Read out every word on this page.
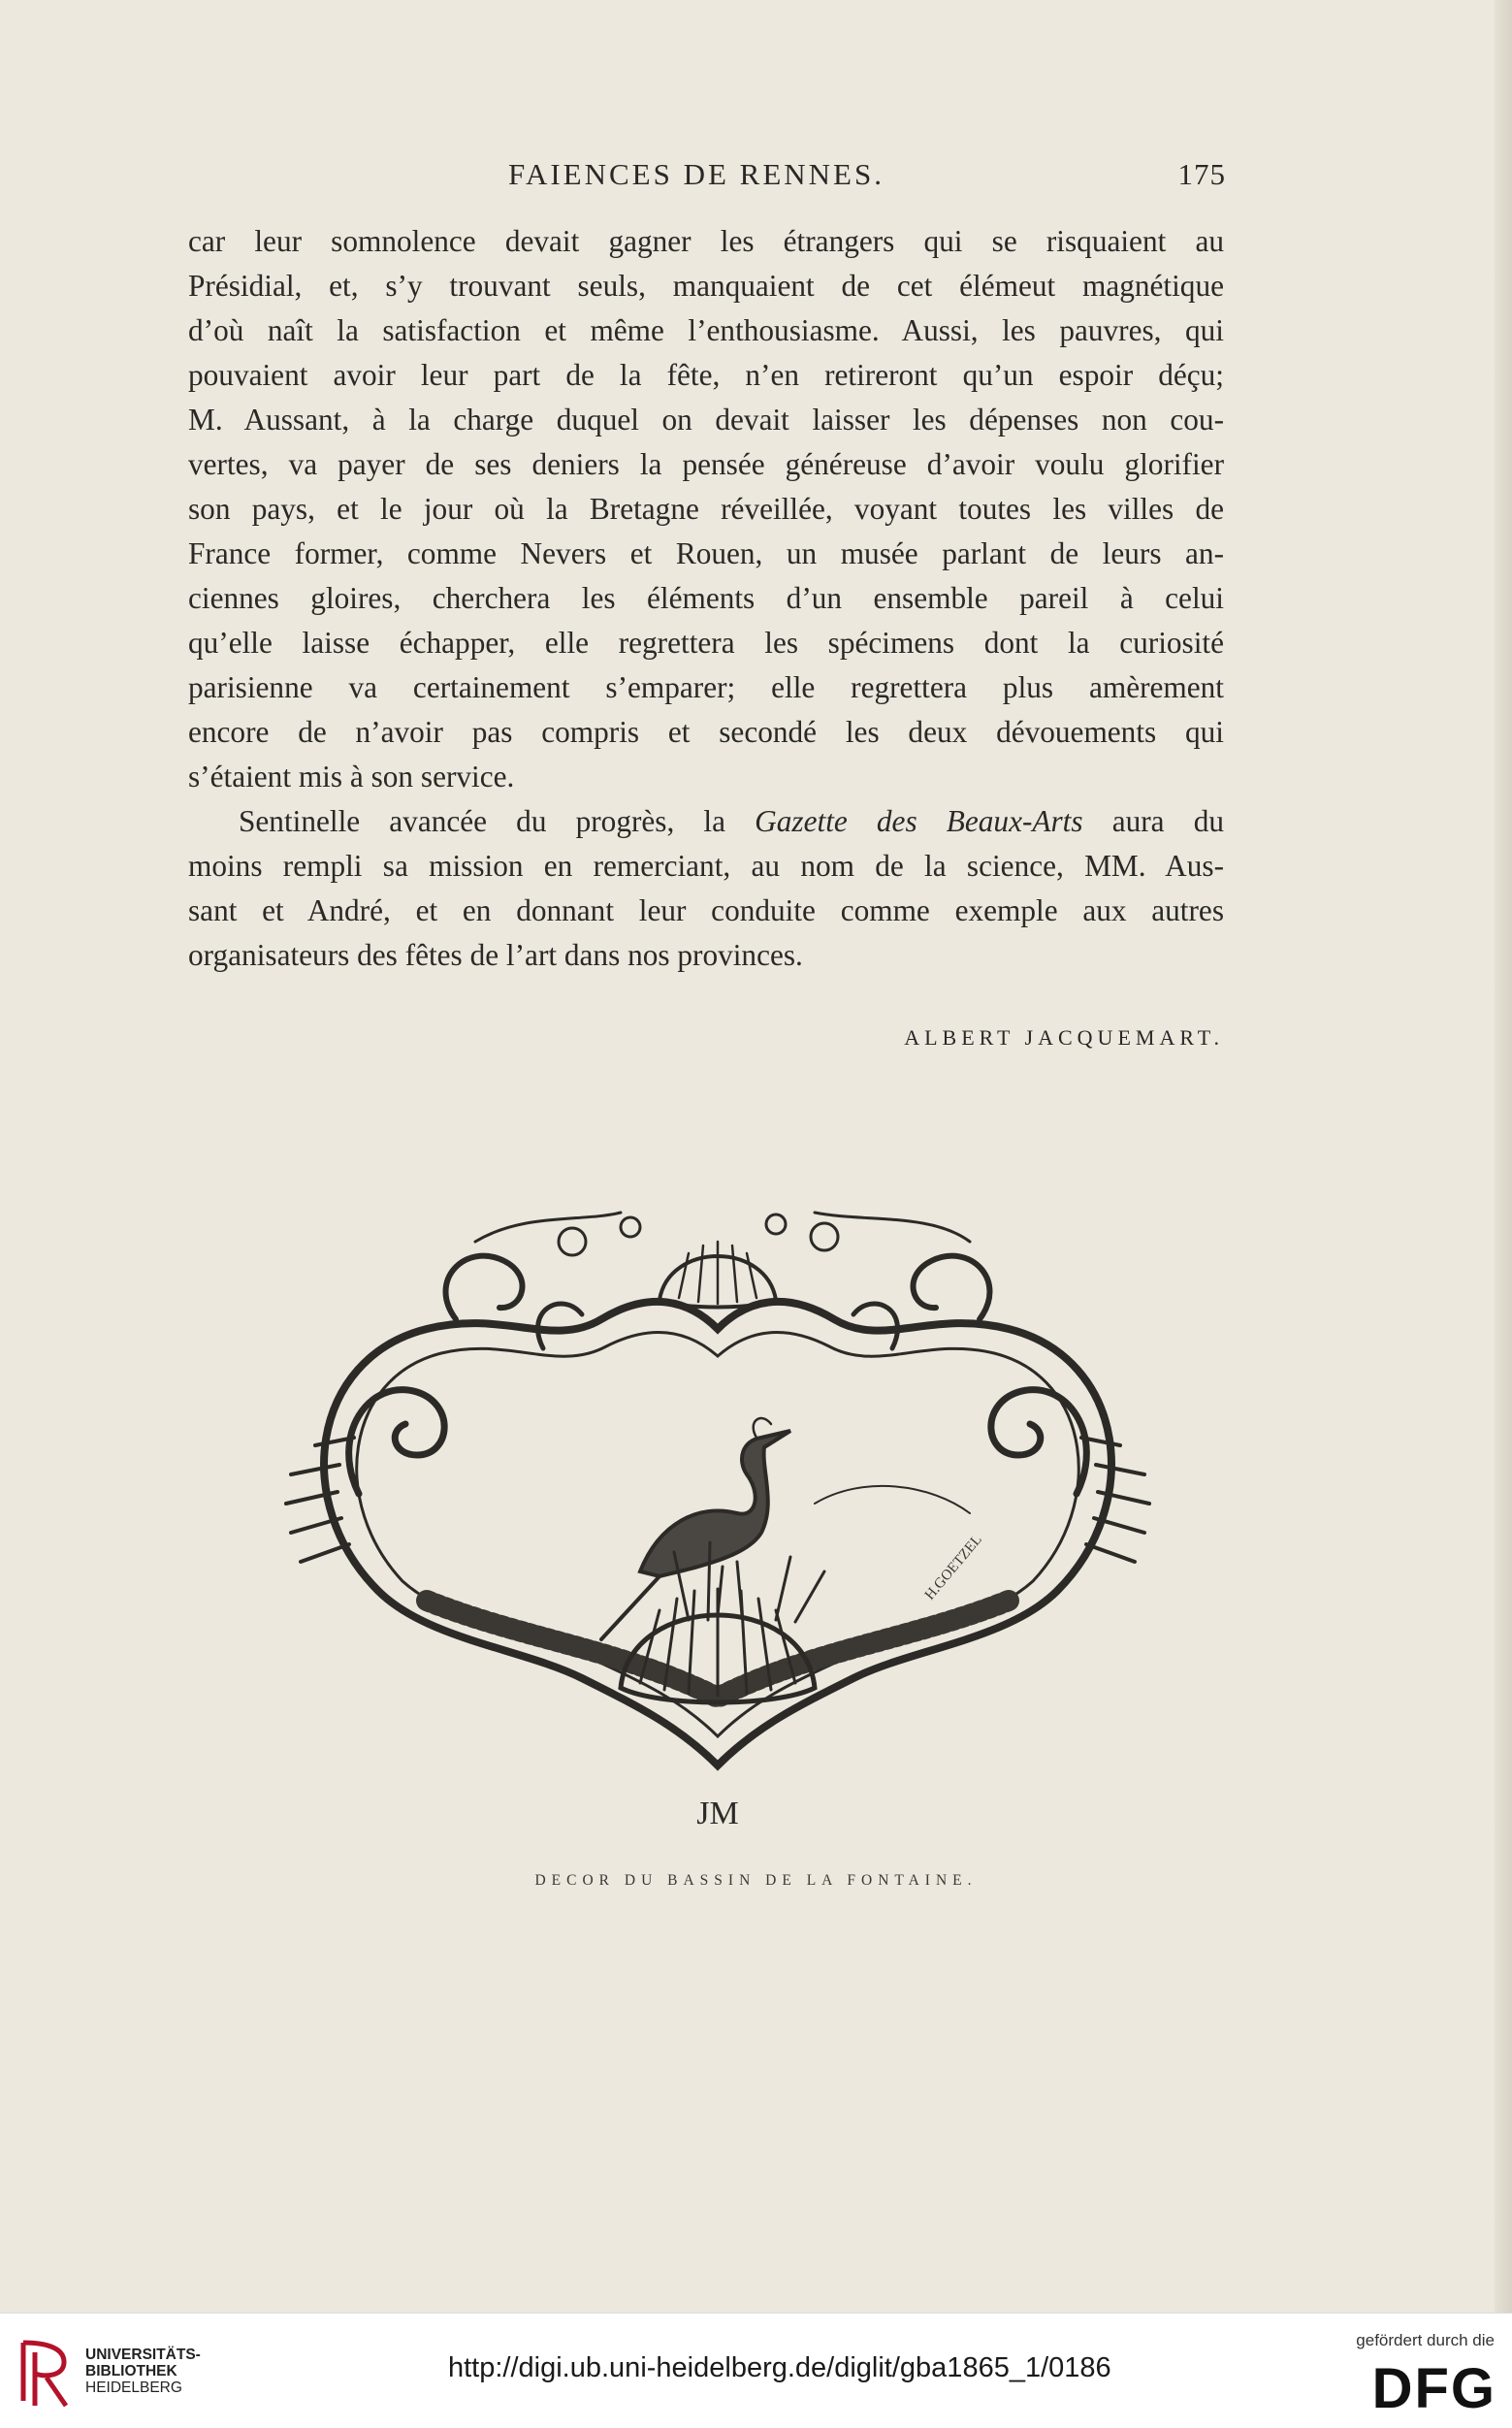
FAIENCES DE RENNES.	175
car leur somnolence devait gagner les étrangers qui se risquaient au
Présidial, et, s’y trouvant seuls, manquaient de cet élémeut magnétique
d’où naît la satisfaction et même l’enthousiasme. Aussi, les pauvres, qui
pouvaient avoir leur part de la fête, n’en retireront qu’un espoir déçu;
M. Aussant, à la charge duquel on devait laisser les dépenses non cou-
vertes, va payer de ses deniers la pensée généreuse d’avoir voulu glorifier
son pays, et le jour où la Bretagne réveillée, voyant toutes les villes de
France former, comme Nevers et Rouen, un musée parlant de leurs an-
ciennes gloires, cherchera les éléments d’un ensemble pareil à celui
qu’elle laisse échapper, elle regrettera les spécimens dont la curiosité
parisienne va certainement s’emparer; elle regrettera plus amèrement
encore de n’avoir pas compris et secondé les deux dévouements qui
s’étaient mis à son service.
Sentinelle avancée du progrès, la Gazette des Beaux-Arts aura du
moins rempli sa mission en remerciant, au nom de la science, MM. Aus-
sant et André, et en donnant leur conduite comme exemple aux autres
organisateurs des fêtes de l’art dans nos provinces.
ALBERT JACQUEMART.
H.GOETZEL
JM
DECOR DU BASSIN DE LA FONTAINE.
UNIVERSITÄTS-
BIBLIOTHEK
HEIDELBERG
http://digi.ub.uni-heidelberg.de/diglit/gba1865_1/0186
gefördert durch die
DFG
